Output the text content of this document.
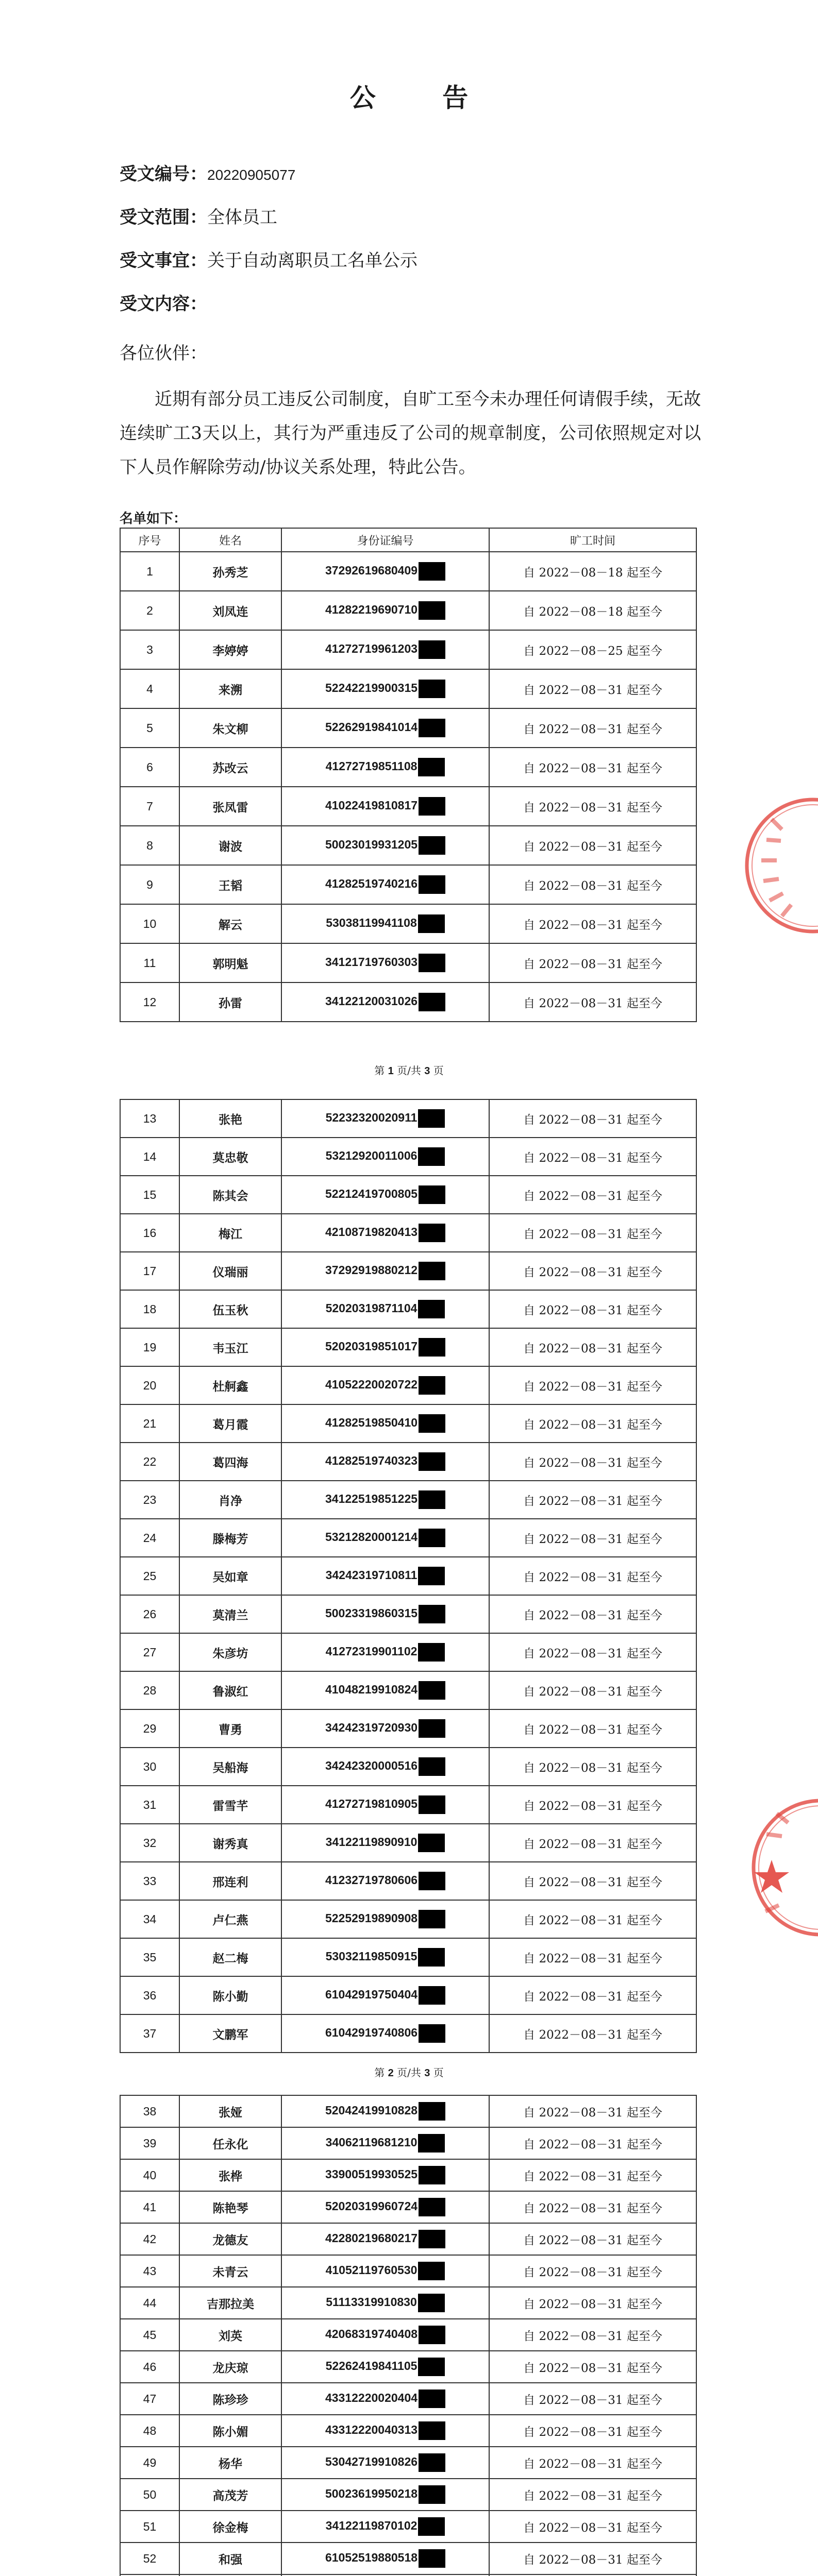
公 告
受文编号：20220905077
受文范围：全体员工
受文事宜：关于自动离职员工名单公示
受文内容：
各位伙伴：
近期有部分员工违反公司制度，自旷工至今未办理任何请假手续，无故连续旷工3天以上，其行为严重违反了公司的规章制度，公司依照规定对以下人员作解除劳动/协议关系处理，特此公告。
名单如下：
序号	姓名	身份证编号	旷工时间
1	孙秀芝	37292619680409	自 2022－08－18 起至今
2	刘凤连	41282219690710	自 2022－08－18 起至今
3	李婷婷	41272719961203	自 2022－08－25 起至今
4	来溯	52242219900315	自 2022－08－31 起至今
5	朱文柳	52262919841014	自 2022－08－31 起至今
6	苏改云	41272719851108	自 2022－08－31 起至今
7	张凤雷	41022419810817	自 2022－08－31 起至今
8	谢波	50023019931205	自 2022－08－31 起至今
9	王韬	41282519740216	自 2022－08－31 起至今
10	解云	53038119941108	自 2022－08－31 起至今
11	郭明魁	34121719760303	自 2022－08－31 起至今
12	孙雷	34122120031026	自 2022－08－31 起至今
第 1 页/共 3 页
13	张艳	52232320020911	自 2022－08－31 起至今
14	莫忠敬	53212920011006	自 2022－08－31 起至今
15	陈其会	52212419700805	自 2022－08－31 起至今
16	梅江	42108719820413	自 2022－08－31 起至今
17	仪瑞丽	37292919880212	自 2022－08－31 起至今
18	伍玉秋	52020319871104	自 2022－08－31 起至今
19	韦玉江	52020319851017	自 2022－08－31 起至今
20	杜舸鑫	41052220020722	自 2022－08－31 起至今
21	葛月霞	41282519850410	自 2022－08－31 起至今
22	葛四海	41282519740323	自 2022－08－31 起至今
23	肖净	34122519851225	自 2022－08－31 起至今
24	滕梅芳	53212820001214	自 2022－08－31 起至今
25	吴如章	34242319710811	自 2022－08－31 起至今
26	莫清兰	50023319860315	自 2022－08－31 起至今
27	朱彦坊	41272319901102	自 2022－08－31 起至今
28	鲁淑红	41048219910824	自 2022－08－31 起至今
29	曹勇	34242319720930	自 2022－08－31 起至今
30	吴船海	34242320000516	自 2022－08－31 起至今
31	雷雪芊	41272719810905	自 2022－08－31 起至今
32	谢秀真	34122119890910	自 2022－08－31 起至今
33	邢连利	41232719780606	自 2022－08－31 起至今
34	卢仁燕	52252919890908	自 2022－08－31 起至今
35	赵二梅	53032119850915	自 2022－08－31 起至今
36	陈小勤	61042919750404	自 2022－08－31 起至今
37	文鹏军	61042919740806	自 2022－08－31 起至今
第 2 页/共 3 页
38	张娅	52042419910828	自 2022－08－31 起至今
39	任永化	34062119681210	自 2022－08－31 起至今
40	张桦	33900519930525	自 2022－08－31 起至今
41	陈艳琴	52020319960724	自 2022－08－31 起至今
42	龙德友	42280219680217	自 2022－08－31 起至今
43	未青云	41052119760530	自 2022－08－31 起至今
44	吉那拉美	51113319910830	自 2022－08－31 起至今
45	刘英	42068319740408	自 2022－08－31 起至今
46	龙庆琼	52262419841105	自 2022－08－31 起至今
47	陈珍珍	43312220020404	自 2022－08－31 起至今
48	陈小媚	43312220040313	自 2022－08－31 起至今
49	杨华	53042719910826	自 2022－08－31 起至今
50	高茂芳	50023619950218	自 2022－08－31 起至今
51	徐金梅	34122119870102	自 2022－08－31 起至今
52	和强	61052519880518	自 2022－08－31 起至今
